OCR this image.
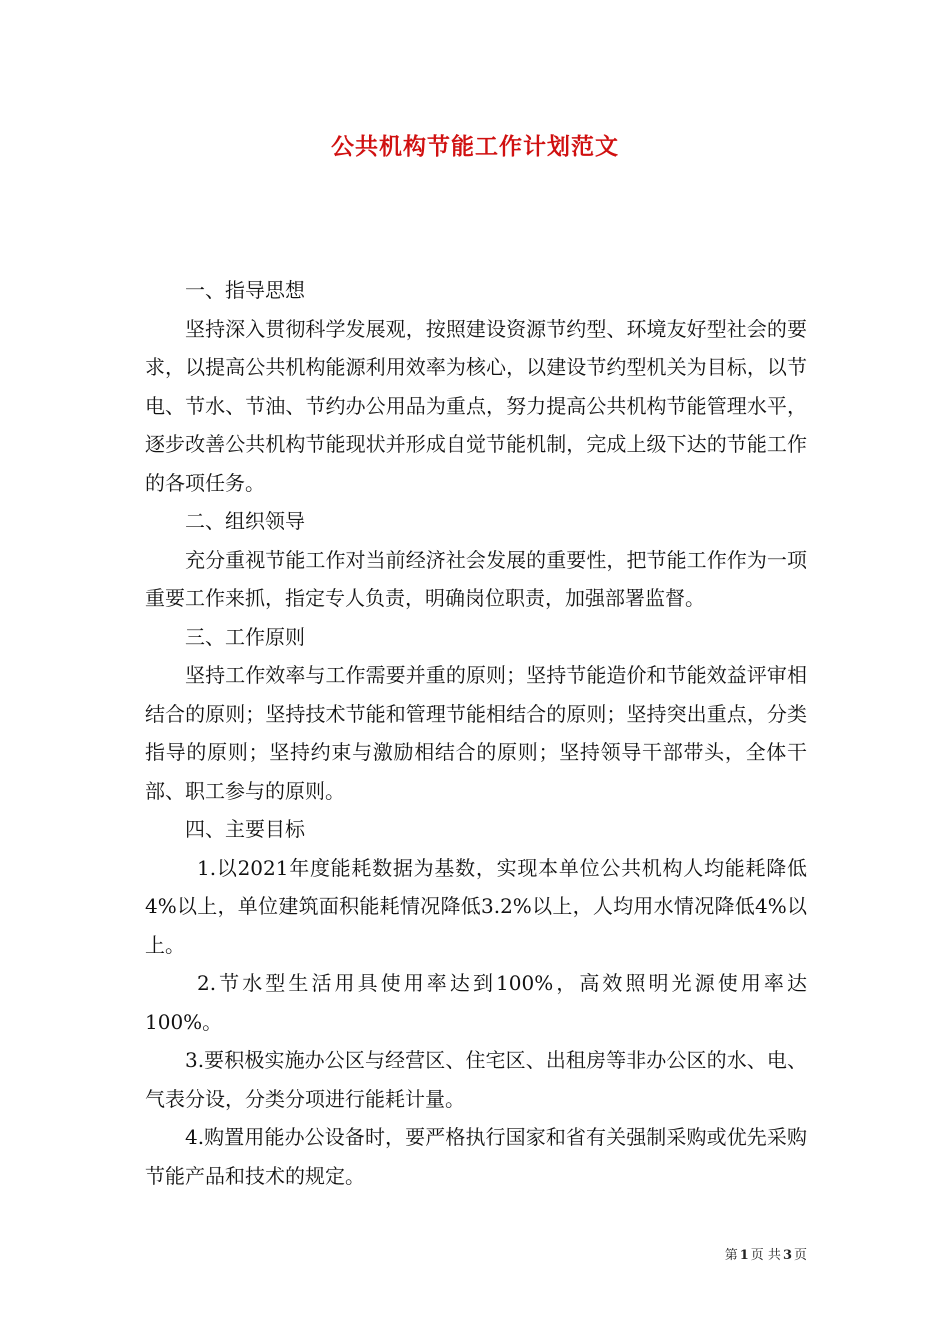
公共机构节能工作计划范文

一、指导思想

坚持深入贯彻科学发展观，按照建设资源节约型、环境友好型社会的要求，以提高公共机构能源利用效率为核心，以建设节约型机关为目标，以节电、节水、节油、节约办公用品为重点，努力提高公共机构节能管理水平，逐步改善公共机构节能现状并形成自觉节能机制，完成上级下达的节能工作的各项任务。

二、组织领导

充分重视节能工作对当前经济社会发展的重要性，把节能工作作为一项重要工作来抓，指定专人负责，明确岗位职责，加强部署监督。

三、工作原则

坚持工作效率与工作需要并重的原则；坚持节能造价和节能效益评审相结合的原则；坚持技术节能和管理节能相结合的原则；坚持突出重点，分类指导的原则；坚持约束与激励相结合的原则；坚持领导干部带头，全体干部、职工参与的原则。

四、主要目标

1.以2021年度能耗数据为基数，实现本单位公共机构人均能耗降低4%以上，单位建筑面积能耗情况降低3.2%以上，人均用水情况降低4%以上。

2.节水型生活用具使用率达到100%，高效照明光源使用率达100%。

3.要积极实施办公区与经营区、住宅区、出租房等非办公区的水、电、气表分设，分类分项进行能耗计量。

4.购置用能办公设备时，要严格执行国家和省有关强制采购或优先采购节能产品和技术的规定。

第 1 页 共 3 页
